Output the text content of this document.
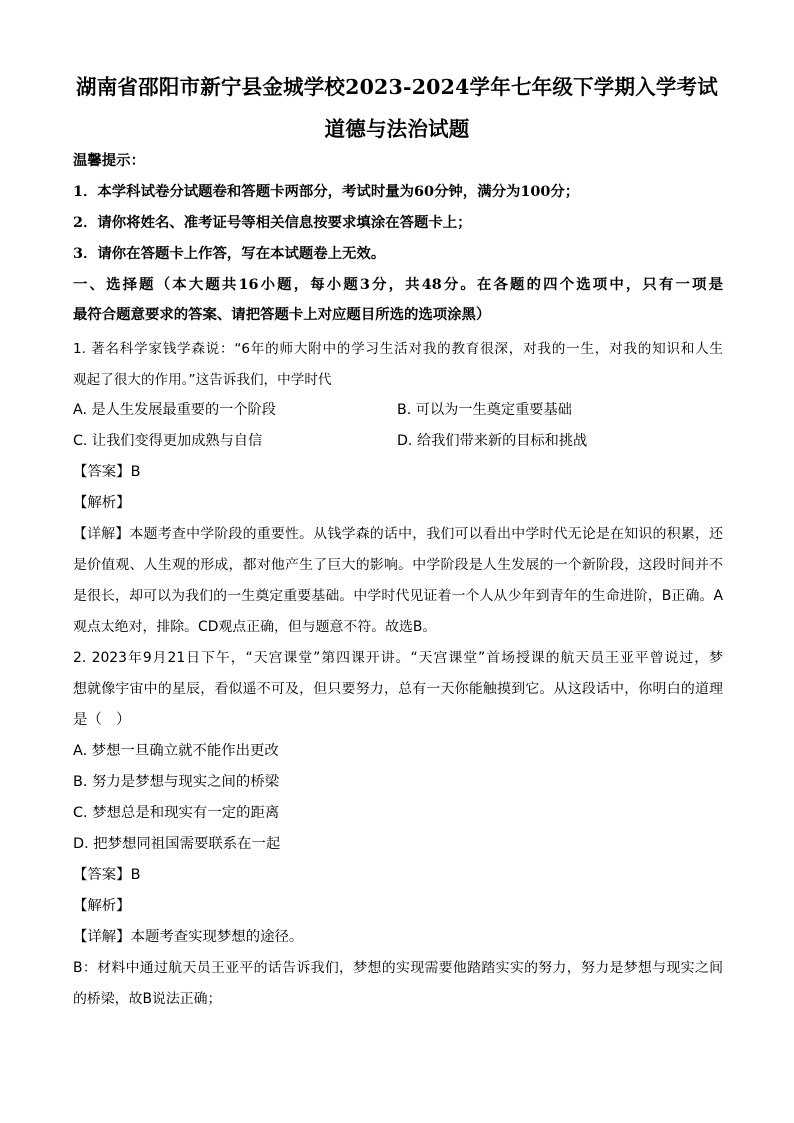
湖南省邵阳市新宁县金城学校2023-2024学年七年级下学期入学考试
道德与法治试题
温馨提示：
1．本学科试卷分试题卷和答题卡两部分，考试时量为60分钟，满分为100分；
2．请你将姓名、准考证号等相关信息按要求填涂在答题卡上；
3．请你在答题卡上作答，写在本试题卷上无效。
一、选择题（本大题共16小题，每小题3分，共48分。在各题的四个选项中，只有一项是
最符合题意要求的答案、请把答题卡上对应题目所选的选项涂黑）
1. 著名科学家钱学森说：“6年的师大附中的学习生活对我的教育很深，对我的一生，对我的知识和人生
观起了很大的作用。”这告诉我们，中学时代
A. 是人生发展最重要的一个阶段	B. 可以为一生奠定重要基础
C. 让我们变得更加成熟与自信	D. 给我们带来新的目标和挑战
【答案】B
【解析】
【详解】本题考查中学阶段的重要性。从钱学森的话中，我们可以看出中学时代无论是在知识的积累，还
是价值观、人生观的形成，都对他产生了巨大的影响。中学阶段是人生发展的一个新阶段，这段时间并不
是很长，却可以为我们的一生奠定重要基础。中学时代见证着一个人从少年到青年的生命进阶，B正确。A
观点太绝对，排除。CD观点正确，但与题意不符。故选B。
2. 2023年9月21日下午，“天宫课堂”第四课开讲。“天宫课堂”首场授课的航天员王亚平曾说过，梦
想就像宇宙中的星辰，看似遥不可及，但只要努力，总有一天你能触摸到它。从这段话中，你明白的道理
是（　）
A. 梦想一旦确立就不能作出更改
B. 努力是梦想与现实之间的桥梁
C. 梦想总是和现实有一定的距离
D. 把梦想同祖国需要联系在一起
【答案】B
【解析】
【详解】本题考查实现梦想的途径。
B：材料中通过航天员王亚平的话告诉我们，梦想的实现需要他踏踏实实的努力，努力是梦想与现实之间
的桥梁，故B说法正确；
